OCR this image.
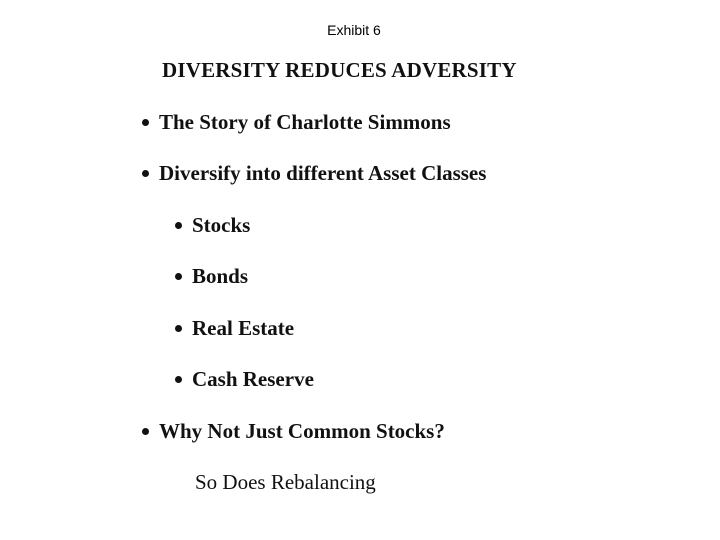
Exhibit 6
DIVERSITY REDUCES ADVERSITY
The Story of Charlotte Simmons
Diversify into different Asset Classes
Stocks
Bonds
Real Estate
Cash Reserve
Why Not Just Common Stocks?
So Does Rebalancing
